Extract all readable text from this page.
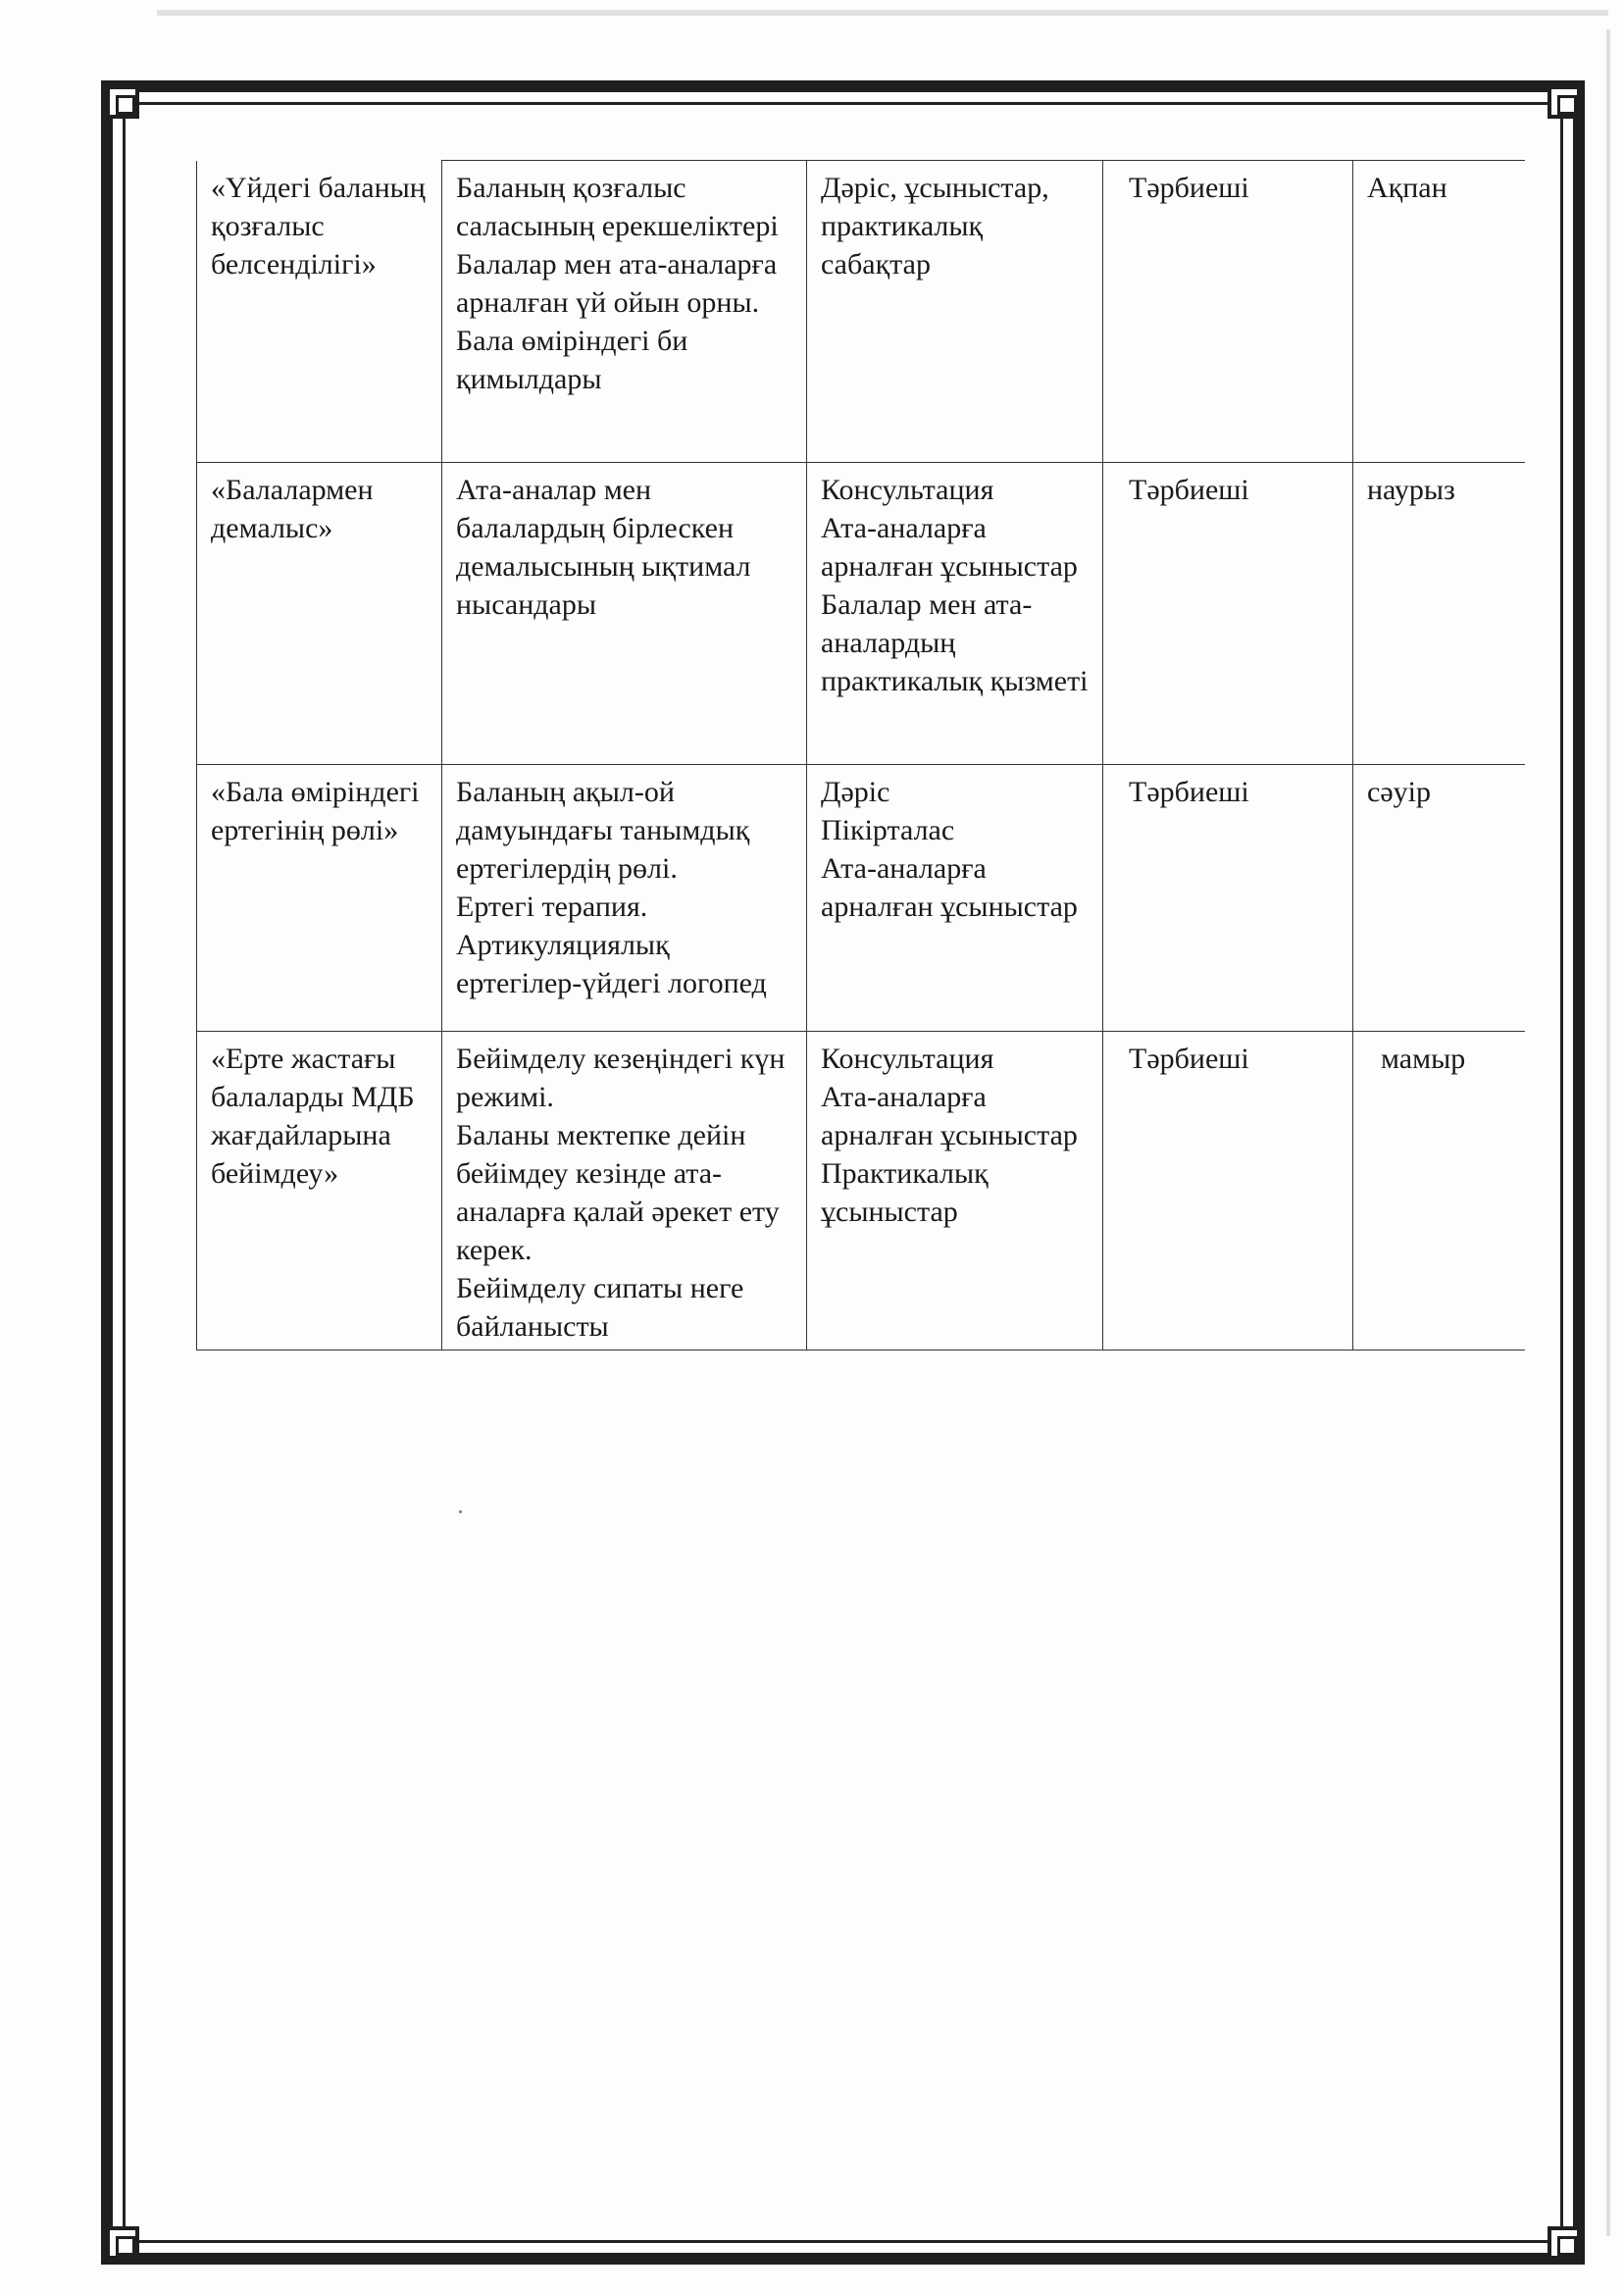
«Үйдегі баланың қозғалыс белсенділігі»	Баланың қозғалыс саласының ерекшеліктері
Балалар мен ата-аналарға арналған үй ойын орны.
Бала өміріндегі би қимылдары	Дәріс, ұсыныстар, практикалық сабақтар	Тәрбиеші	Ақпан

«Балалармен демалыс»	Ата-аналар мен балалардың бірлескен демалысының ықтимал нысандары	Консультация
Ата-аналарға арналған ұсыныстар
Балалар мен ата-аналардың практикалық қызметі	Тәрбиеші	наурыз

«Бала өміріндегі ертегінің рөлі»	Баланың ақыл-ой дамуындағы танымдық ертегілердің рөлі.
Ертегі терапия.
Артикуляциялық ертегілер-үйдегі логопед	Дәріс
Пікірталас
Ата-аналарға арналған ұсыныстар	Тәрбиеші	сәуір

«Ерте жастағы балаларды МДБ жағдайларына бейімдеу»	Бейімделу кезеңіндегі күн режимі.
Баланы мектепке дейін бейімдеу кезінде ата-аналарға қалай әрекет ету керек.
Бейімделу сипаты неге байланысты	Консультация
Ата-аналарға арналған ұсыныстар
Практикалық ұсыныстар	Тәрбиеші	мамыр
